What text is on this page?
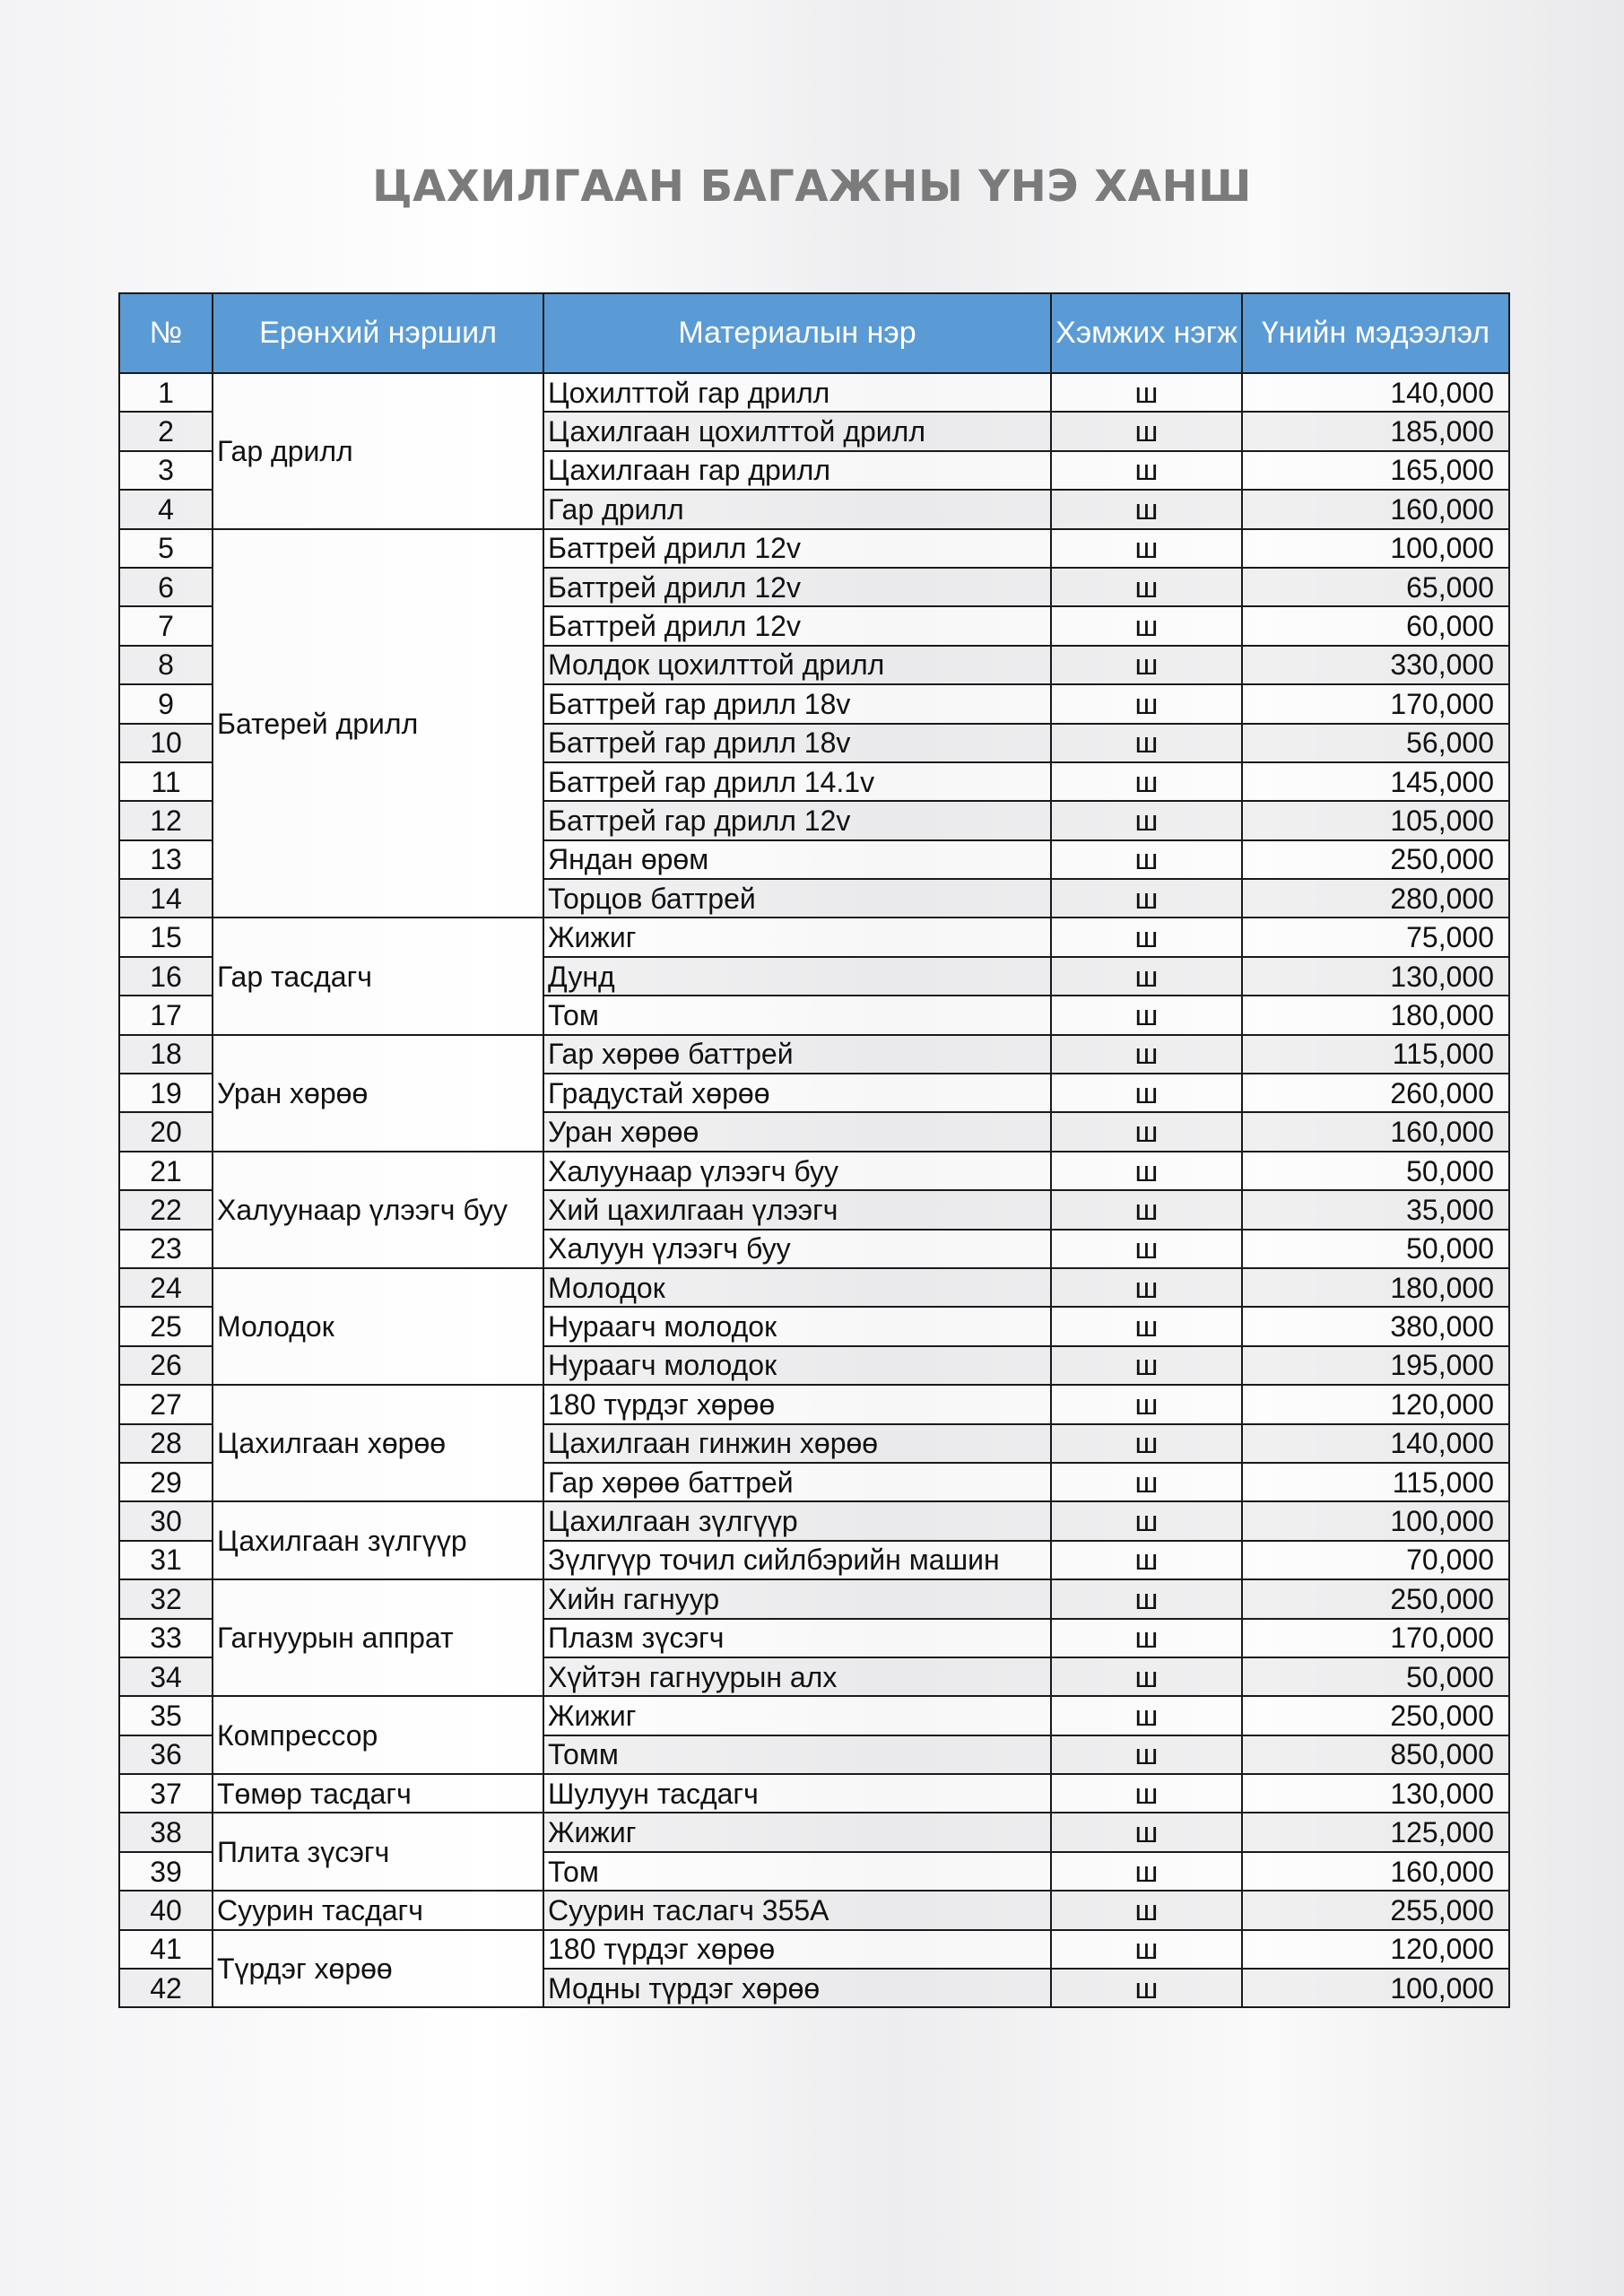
ЦАХИЛГААН БАГАЖНЫ ҮНЭ ХАНШ
№	Ерөнхий нэршил	Материалын нэр	Хэмжих нэгж	Үнийн мэдээлэл
1	Гар дрилл	Цохилттой гар дрилл	ш	140,000
2		Цахилгаан цохилттой дрилл	ш	185,000
3		Цахилгаан гар дрилл	ш	165,000
4		Гар дрилл	ш	160,000
5	Батерей дрилл	Баттрей дрилл 12v	ш	100,000
6		Баттрей дрилл 12v	ш	65,000
7		Баттрей дрилл 12v	ш	60,000
8		Молдок цохилттой дрилл	ш	330,000
9		Баттрей гар дрилл 18v	ш	170,000
10		Баттрей гар дрилл 18v	ш	56,000
11		Баттрей гар дрилл 14.1v	ш	145,000
12		Баттрей гар дрилл 12v	ш	105,000
13		Яндан өрөм	ш	250,000
14		Торцов баттрей	ш	280,000
15	Гар тасдагч	Жижиг	ш	75,000
16		Дунд	ш	130,000
17		Том	ш	180,000
18	Уран хөрөө	Гар хөрөө баттрей	ш	115,000
19		Градустай хөрөө	ш	260,000
20		Уран хөрөө	ш	160,000
21	Халуунаар үлээгч буу	Халуунаар үлээгч буу	ш	50,000
22		Хий цахилгаан үлээгч	ш	35,000
23		Халуун үлээгч буу	ш	50,000
24	Молодок	Молодок	ш	180,000
25		Нураагч молодок	ш	380,000
26		Нураагч молодок	ш	195,000
27	Цахилгаан хөрөө	180 түрдэг хөрөө	ш	120,000
28		Цахилгаан гинжин хөрөө	ш	140,000
29		Гар хөрөө баттрей	ш	115,000
30	Цахилгаан зүлгүүр	Цахилгаан зүлгүүр	ш	100,000
31		Зүлгүүр точил сийлбэрийн машин	ш	70,000
32	Гагнуурын аппрат	Хийн гагнуур	ш	250,000
33		Плазм зүсэгч	ш	170,000
34		Хүйтэн гагнуурын алх	ш	50,000
35	Компрессор	Жижиг	ш	250,000
36		Томм	ш	850,000
37	Төмөр тасдагч	Шулуун тасдагч	ш	130,000
38	Плита зүсэгч	Жижиг	ш	125,000
39		Том	ш	160,000
40	Суурин тасдагч	Суурин таслагч 355А	ш	255,000
41	Түрдэг хөрөө	180 түрдэг хөрөө	ш	120,000
42		Модны түрдэг хөрөө	ш	100,000
